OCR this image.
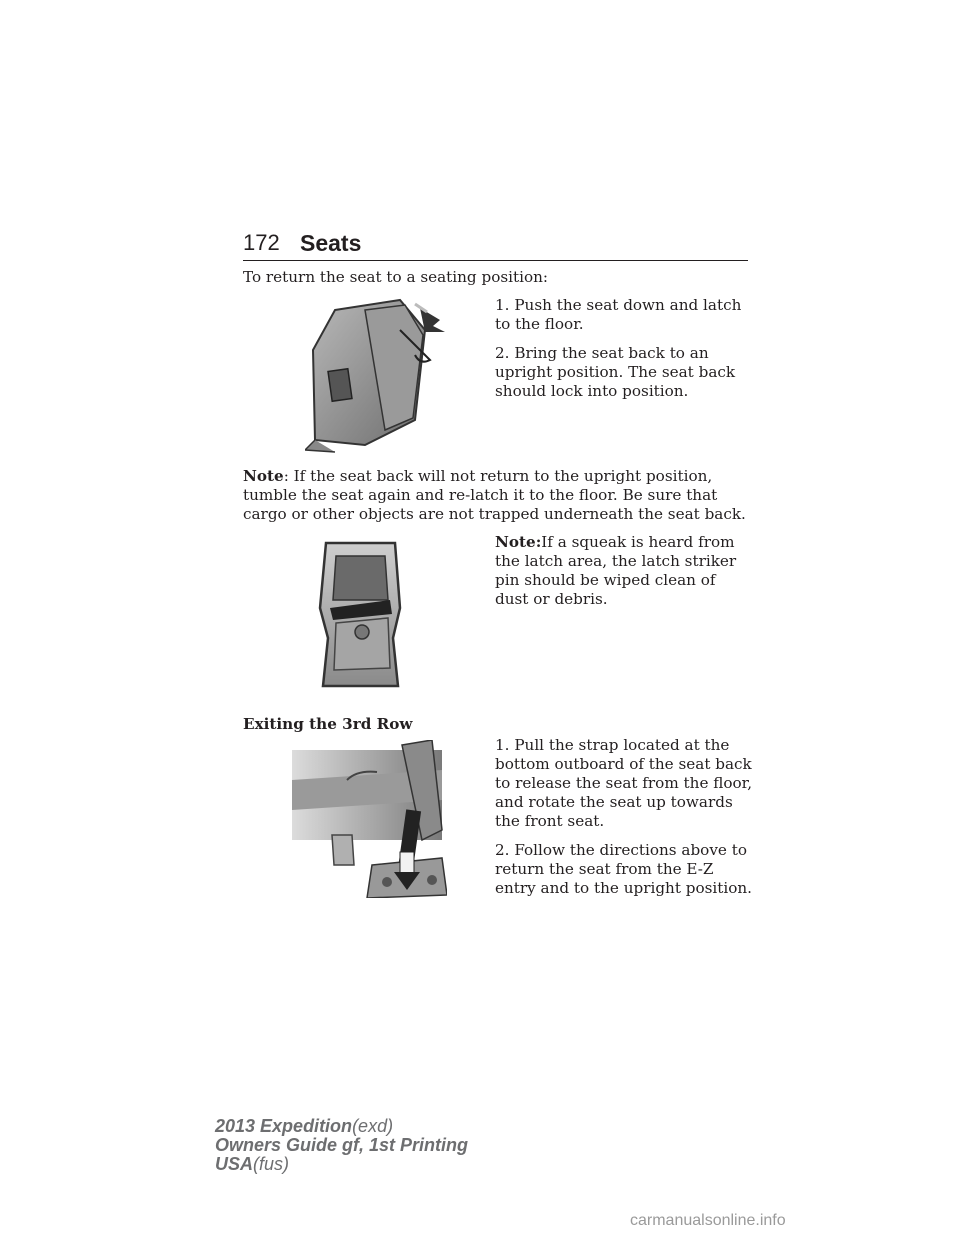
172 Seats
To return the seat to a seating position:

1. Push the seat down and latch to the floor.

2. Bring the seat back to an upright position. The seat back should lock into position.

Note: If the seat back will not return to the upright position, tumble the seat again and re-latch it to the floor. Be sure that cargo or other objects are not trapped underneath the seat back.
Note:If a squeak is heard from the latch area, the latch striker pin should be wiped clean of dust or debris.
Exiting the 3rd Row

1. Pull the strap located at the bottom outboard of the seat back to release the seat from the floor, and rotate the seat up towards the front seat.

2. Follow the directions above to return the seat from the E-Z entry and to the upright position.

2013 Expedition(exd)
Owners Guide gf, 1st Printing
USA(fus)
carmanualsonline.info
